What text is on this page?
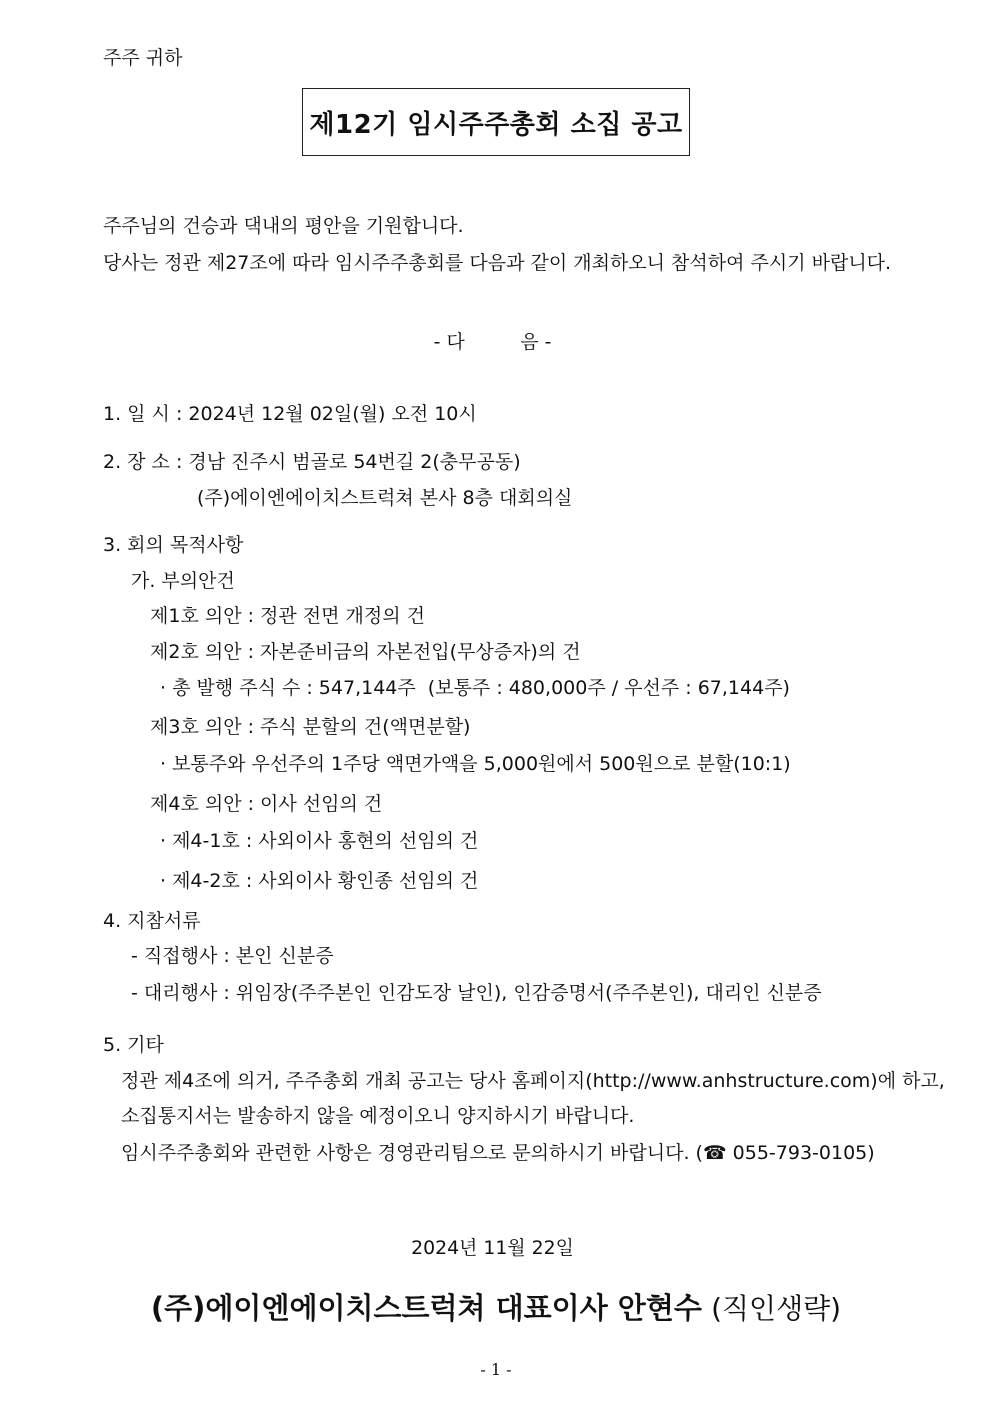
주주 귀하
제12기 임시주주총회 소집 공고
주주님의 건승과 댁내의 평안을 기원합니다.
당사는 정관 제27조에 따라 임시주주총회를 다음과 같이 개최하오니 참석하여 주시기 바랍니다.
- 다	음 -
1. 일 시 : 2024년 12월 02일(월) 오전 10시
2. 장 소 : 경남 진주시 범골로 54번길 2(충무공동)
(주)에이엔에이치스트럭쳐 본사 8층 대회의실
3. 회의 목적사항
가. 부의안건
제1호 의안 : 정관 전면 개정의 건
제2호 의안 : 자본준비금의 자본전입(무상증자)의 건
· 총 발행 주식 수 : 547,144주  (보통주 : 480,000주 / 우선주 : 67,144주)
제3호 의안 : 주식 분할의 건(액면분할)
· 보통주와 우선주의 1주당 액면가액을 5,000원에서 500원으로 분할(10:1)
제4호 의안 : 이사 선임의 건
· 제4-1호 : 사외이사 홍현의 선임의 건
· 제4-2호 : 사외이사 황인종 선임의 건
4. 지참서류
- 직접행사 : 본인 신분증
- 대리행사 : 위임장(주주본인 인감도장 날인), 인감증명서(주주본인), 대리인 신분증
5. 기타
정관 제4조에 의거, 주주총회 개최 공고는 당사 홈페이지(http://www.anhstructure.com)에 하고,
소집통지서는 발송하지 않을 예정이오니 양지하시기 바랍니다.
임시주주총회와 관련한 사항은 경영관리팀으로 문의하시기 바랍니다. (☎ 055-793-0105)
2024년 11월 22일
(주)에이엔에이치스트럭쳐 대표이사 안현수 (직인생략)
- 1 -
